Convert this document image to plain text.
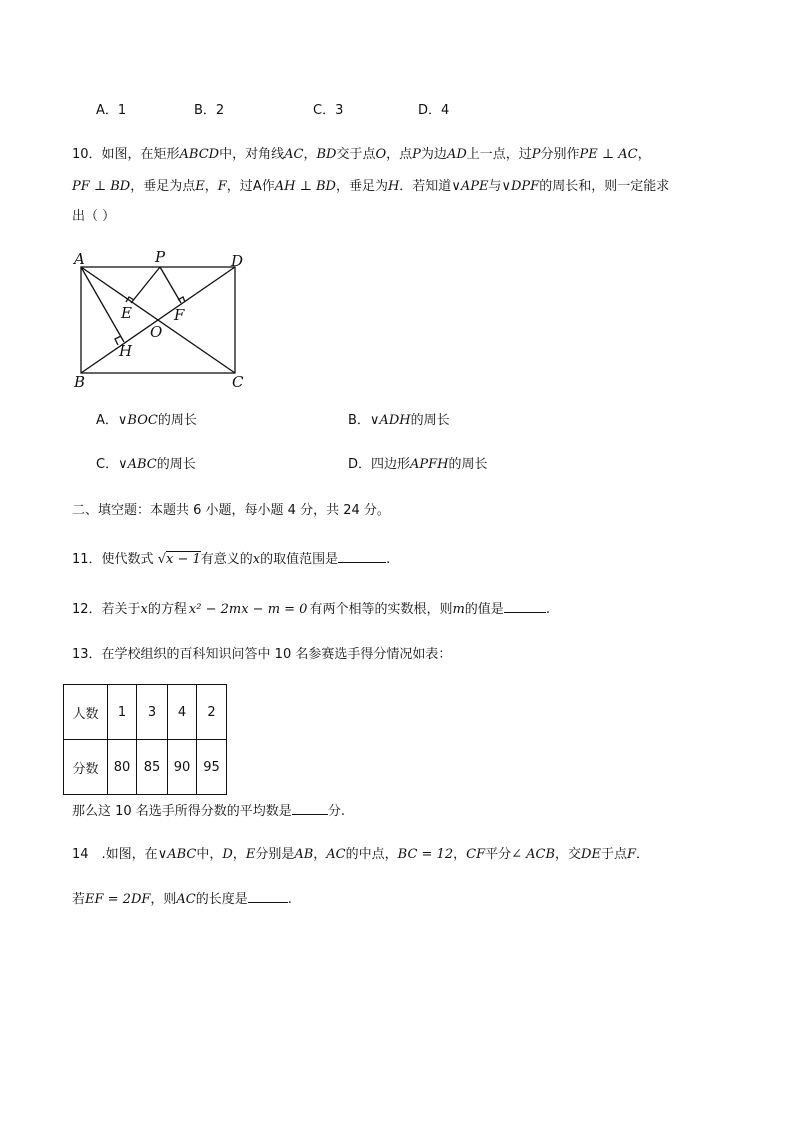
A．1	B．2	C．3	D．4
10．如图，在矩形ABCD中，对角线AC，BD交于点O，点P为边AD上一点，过P分别作PE ⊥ AC，
PF ⊥ BD，垂足为点E，F，过A作AH ⊥ BD，垂足为H．若知道∨APE与∨DPF的周长和，则一定能求
出（ ）
A	P	D
E	F
O
H
B	C
A．∨BOC的周长	B．∨ADH的周长
C．∨ABC的周长	D．四边形APFH的周长
二、填空题：本题共 6 小题，每小题 4 分，共 24 分。
11．使代数式 √x − 1有意义的x的取值范围是	.
12．若关于x的方程 x² − 2mx − m = 0 有两个相等的实数根，则m的值是	.
13．在学校组织的百科知识问答中 10 名参赛选手得分情况如表：
人数	1	3	4	2
分数	80	85	90	95
那么这 10 名选手所得分数的平均数是	分.
14　.如图，在∨ABC中，D，E分别是AB，AC的中点，BC = 12，CF平分∠ ACB，交DE于点F．
若EF = 2DF，则AC的长度是	.
